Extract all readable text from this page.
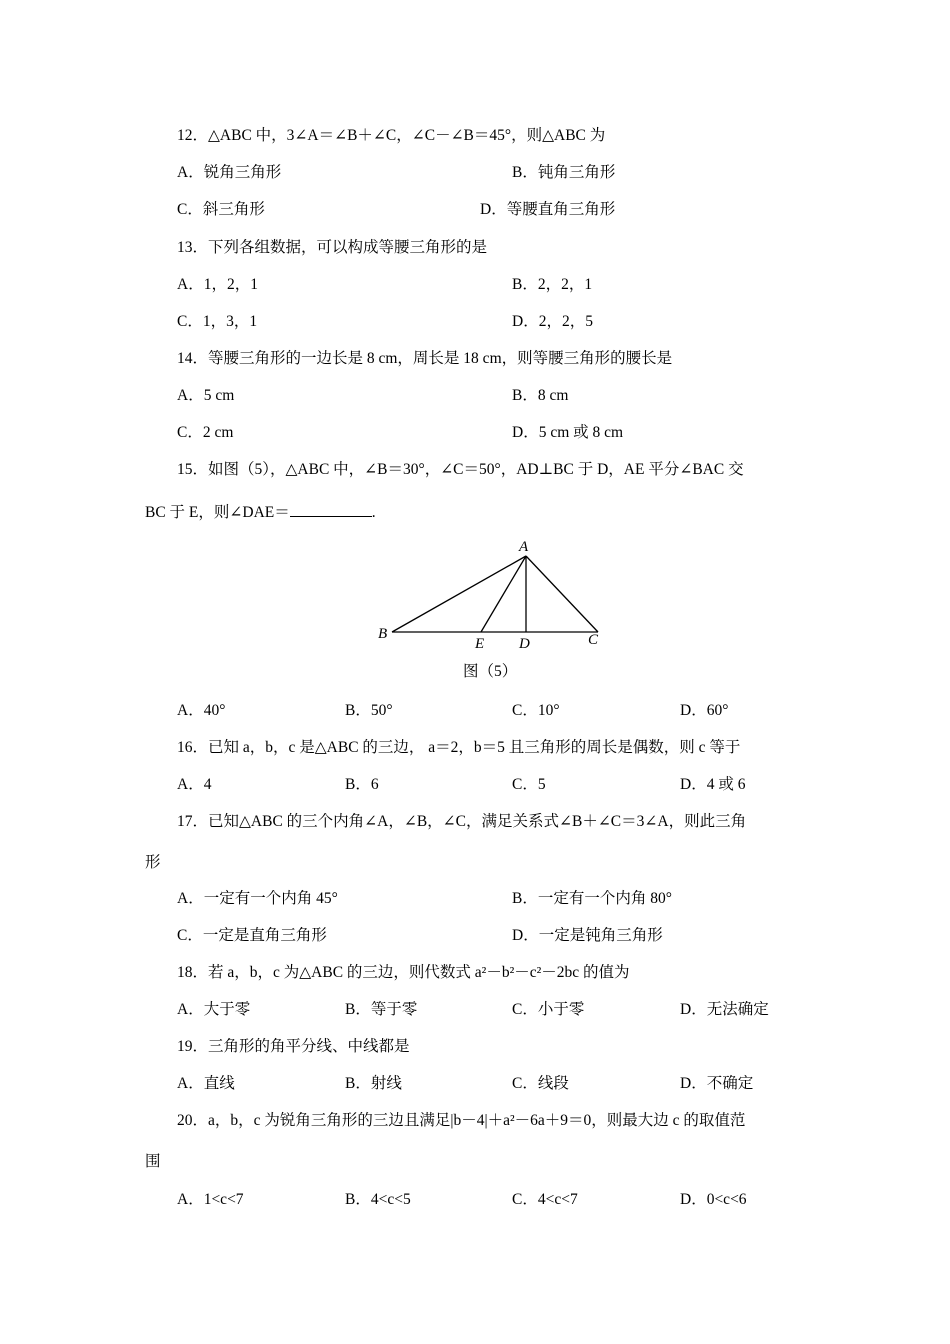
12．△ABC 中，3∠A＝∠B＋∠C，∠C－∠B＝45°，则△ABC 为
A．锐角三角形	B．钝角三角形
C．斜三角形	D．等腰直角三角形
13．下列各组数据，可以构成等腰三角形的是
A．1，2，1	B．2，2，1
C．1，3，1	D．2，2，5
14．等腰三角形的一边长是 8 cm，周长是 18 cm，则等腰三角形的腰长是
A．5 cm	B．8 cm
C．2 cm	D．5 cm 或 8 cm
15．如图（5），△ABC 中，∠B＝30°，∠C＝50°，AD⊥BC 于 D，AE 平分∠BAC 交
BC 于 E，则∠DAE＝	.
A
B
E D	C
图（5）
A．40°	B．50°	C．10°	D．60°
16．已知 a，b，c 是△ABC 的三边， a＝2，b＝5 且三角形的周长是偶数，则 c 等于
A．4	B．6	C．5	D．4 或 6
17．已知△ABC 的三个内角∠A，∠B，∠C，满足关系式∠B＋∠C＝3∠A，则此三角
形
A．一定有一个内角 45°	B．一定有一个内角 80°
C．一定是直角三角形	D．一定是钝角三角形
18．若 a，b，c 为△ABC 的三边，则代数式 a²－b²－c²－2bc 的值为
A．大于零	B．等于零	C．小于零	D．无法确定
19．三角形的角平分线、中线都是
A．直线	B．射线	C．线段	D．不确定
20．a，b，c 为锐角三角形的三边且满足|b－4|＋a²－6a＋9＝0，则最大边 c 的取值范
围
A．1<c<7	B．4<c<5	C．4<c<7	D．0<c<6
